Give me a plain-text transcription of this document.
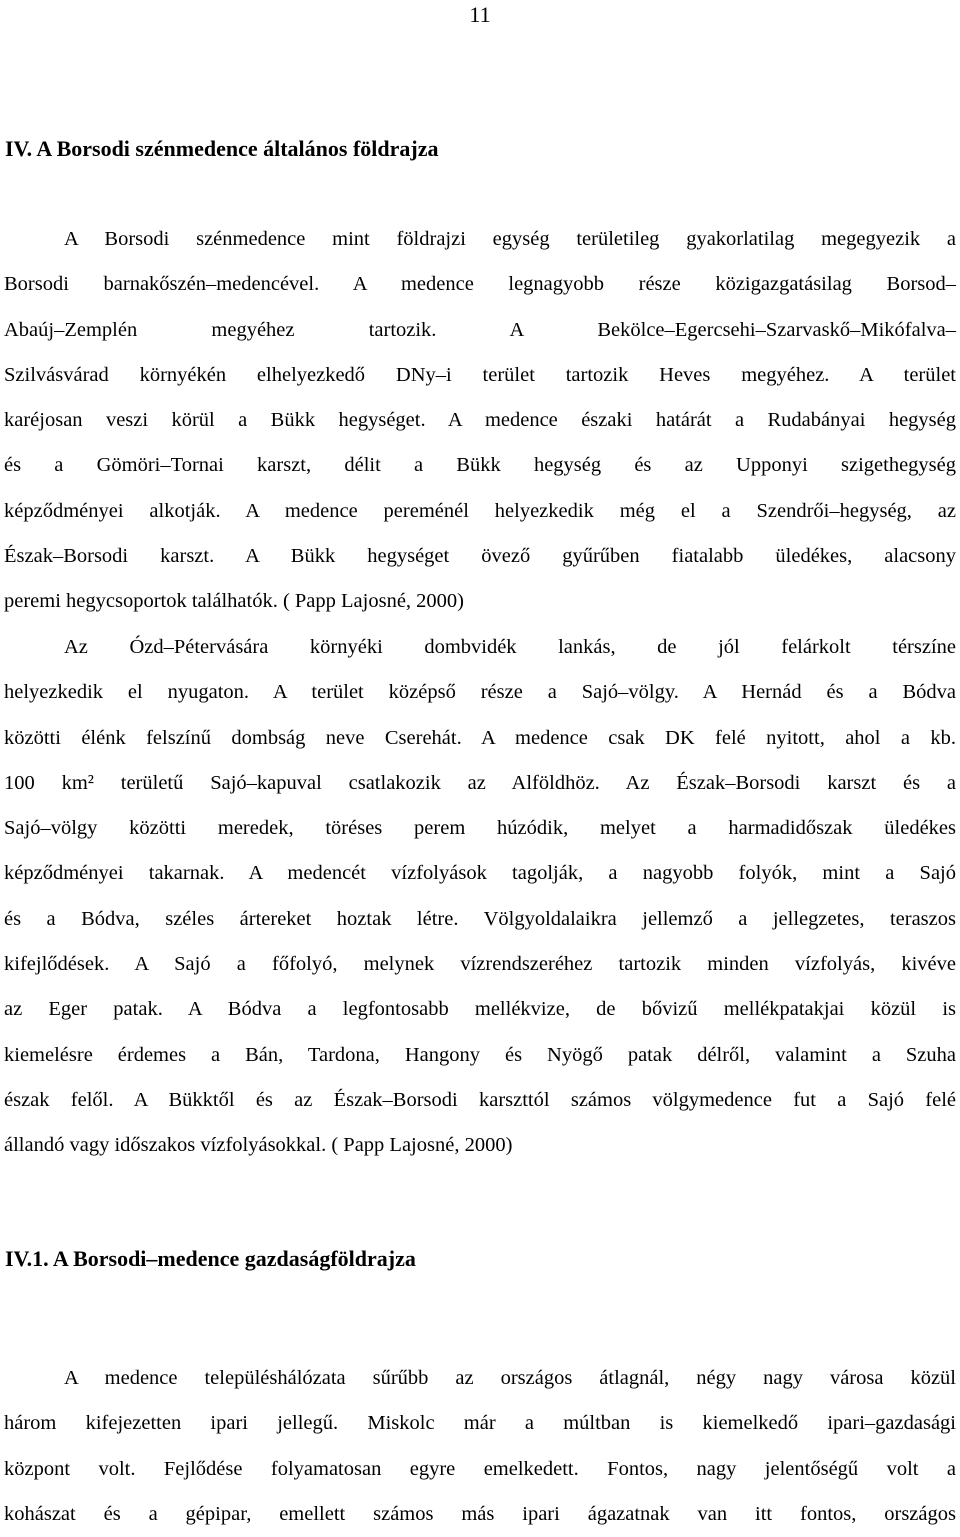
11
IV. A Borsodi szénmedence általános földrajza
A Borsodi szénmedence mint földrajzi egység területileg gyakorlatilag megegyezik a
Borsodi barnakőszén–medencével. A medence legnagyobb része közigazgatásilag Borsod–
Abaúj–Zemplén megyéhez tartozik. A Bekölce–Egercsehi–Szarvaskő–Mikófalva–
Szilvásvárad környékén elhelyezkedő DNy–i terület tartozik Heves megyéhez. A terület
karéjosan veszi körül a Bükk hegységet. A medence északi határát a Rudabányai hegység
és a Gömöri–Tornai karszt, délit a Bükk hegység és az Upponyi szigethegység
képződményei alkotják. A medence pereménél helyezkedik még el a Szendrői–hegység, az
Észak–Borsodi karszt. A Bükk hegységet övező gyűrűben fiatalabb üledékes, alacsony
peremi hegycsoportok találhatók. ( Papp Lajosné, 2000)
Az Ózd–Pétervására környéki dombvidék lankás, de jól felárkolt térszíne
helyezkedik el nyugaton. A terület középső része a Sajó–völgy. A Hernád és a Bódva
közötti élénk felszínű dombság neve Cserehát. A medence csak DK felé nyitott, ahol a kb.
100 km² területű Sajó–kapuval csatlakozik az Alföldhöz. Az Észak–Borsodi karszt és a
Sajó–völgy közötti meredek, töréses perem húzódik, melyet a harmadidőszak üledékes
képződményei takarnak. A medencét vízfolyások tagolják, a nagyobb folyók, mint a Sajó
és a Bódva, széles ártereket hoztak létre. Völgyoldalaikra jellemző a jellegzetes, teraszos
kifejlődések. A Sajó a főfolyó, melynek vízrendszeréhez tartozik minden vízfolyás, kivéve
az Eger patak. A Bódva a legfontosabb mellékvize, de bővizű mellékpatakjai közül is
kiemelésre érdemes a Bán, Tardona, Hangony és Nyögő patak délről, valamint a Szuha
észak felől. A Bükktől és az Észak–Borsodi karszttól számos völgymedence fut a Sajó felé
állandó vagy időszakos vízfolyásokkal. ( Papp Lajosné, 2000)
IV.1. A Borsodi–medence gazdaságföldrajza
A medence településhálózata sűrűbb az országos átlagnál, négy nagy városa közül
három kifejezetten ipari jellegű. Miskolc már a múltban is kiemelkedő ipari–gazdasági
központ volt. Fejlődése folyamatosan egyre emelkedett. Fontos, nagy jelentőségű volt a
kohászat és a gépipar, emellett számos más ipari ágazatnak van itt fontos, országos
